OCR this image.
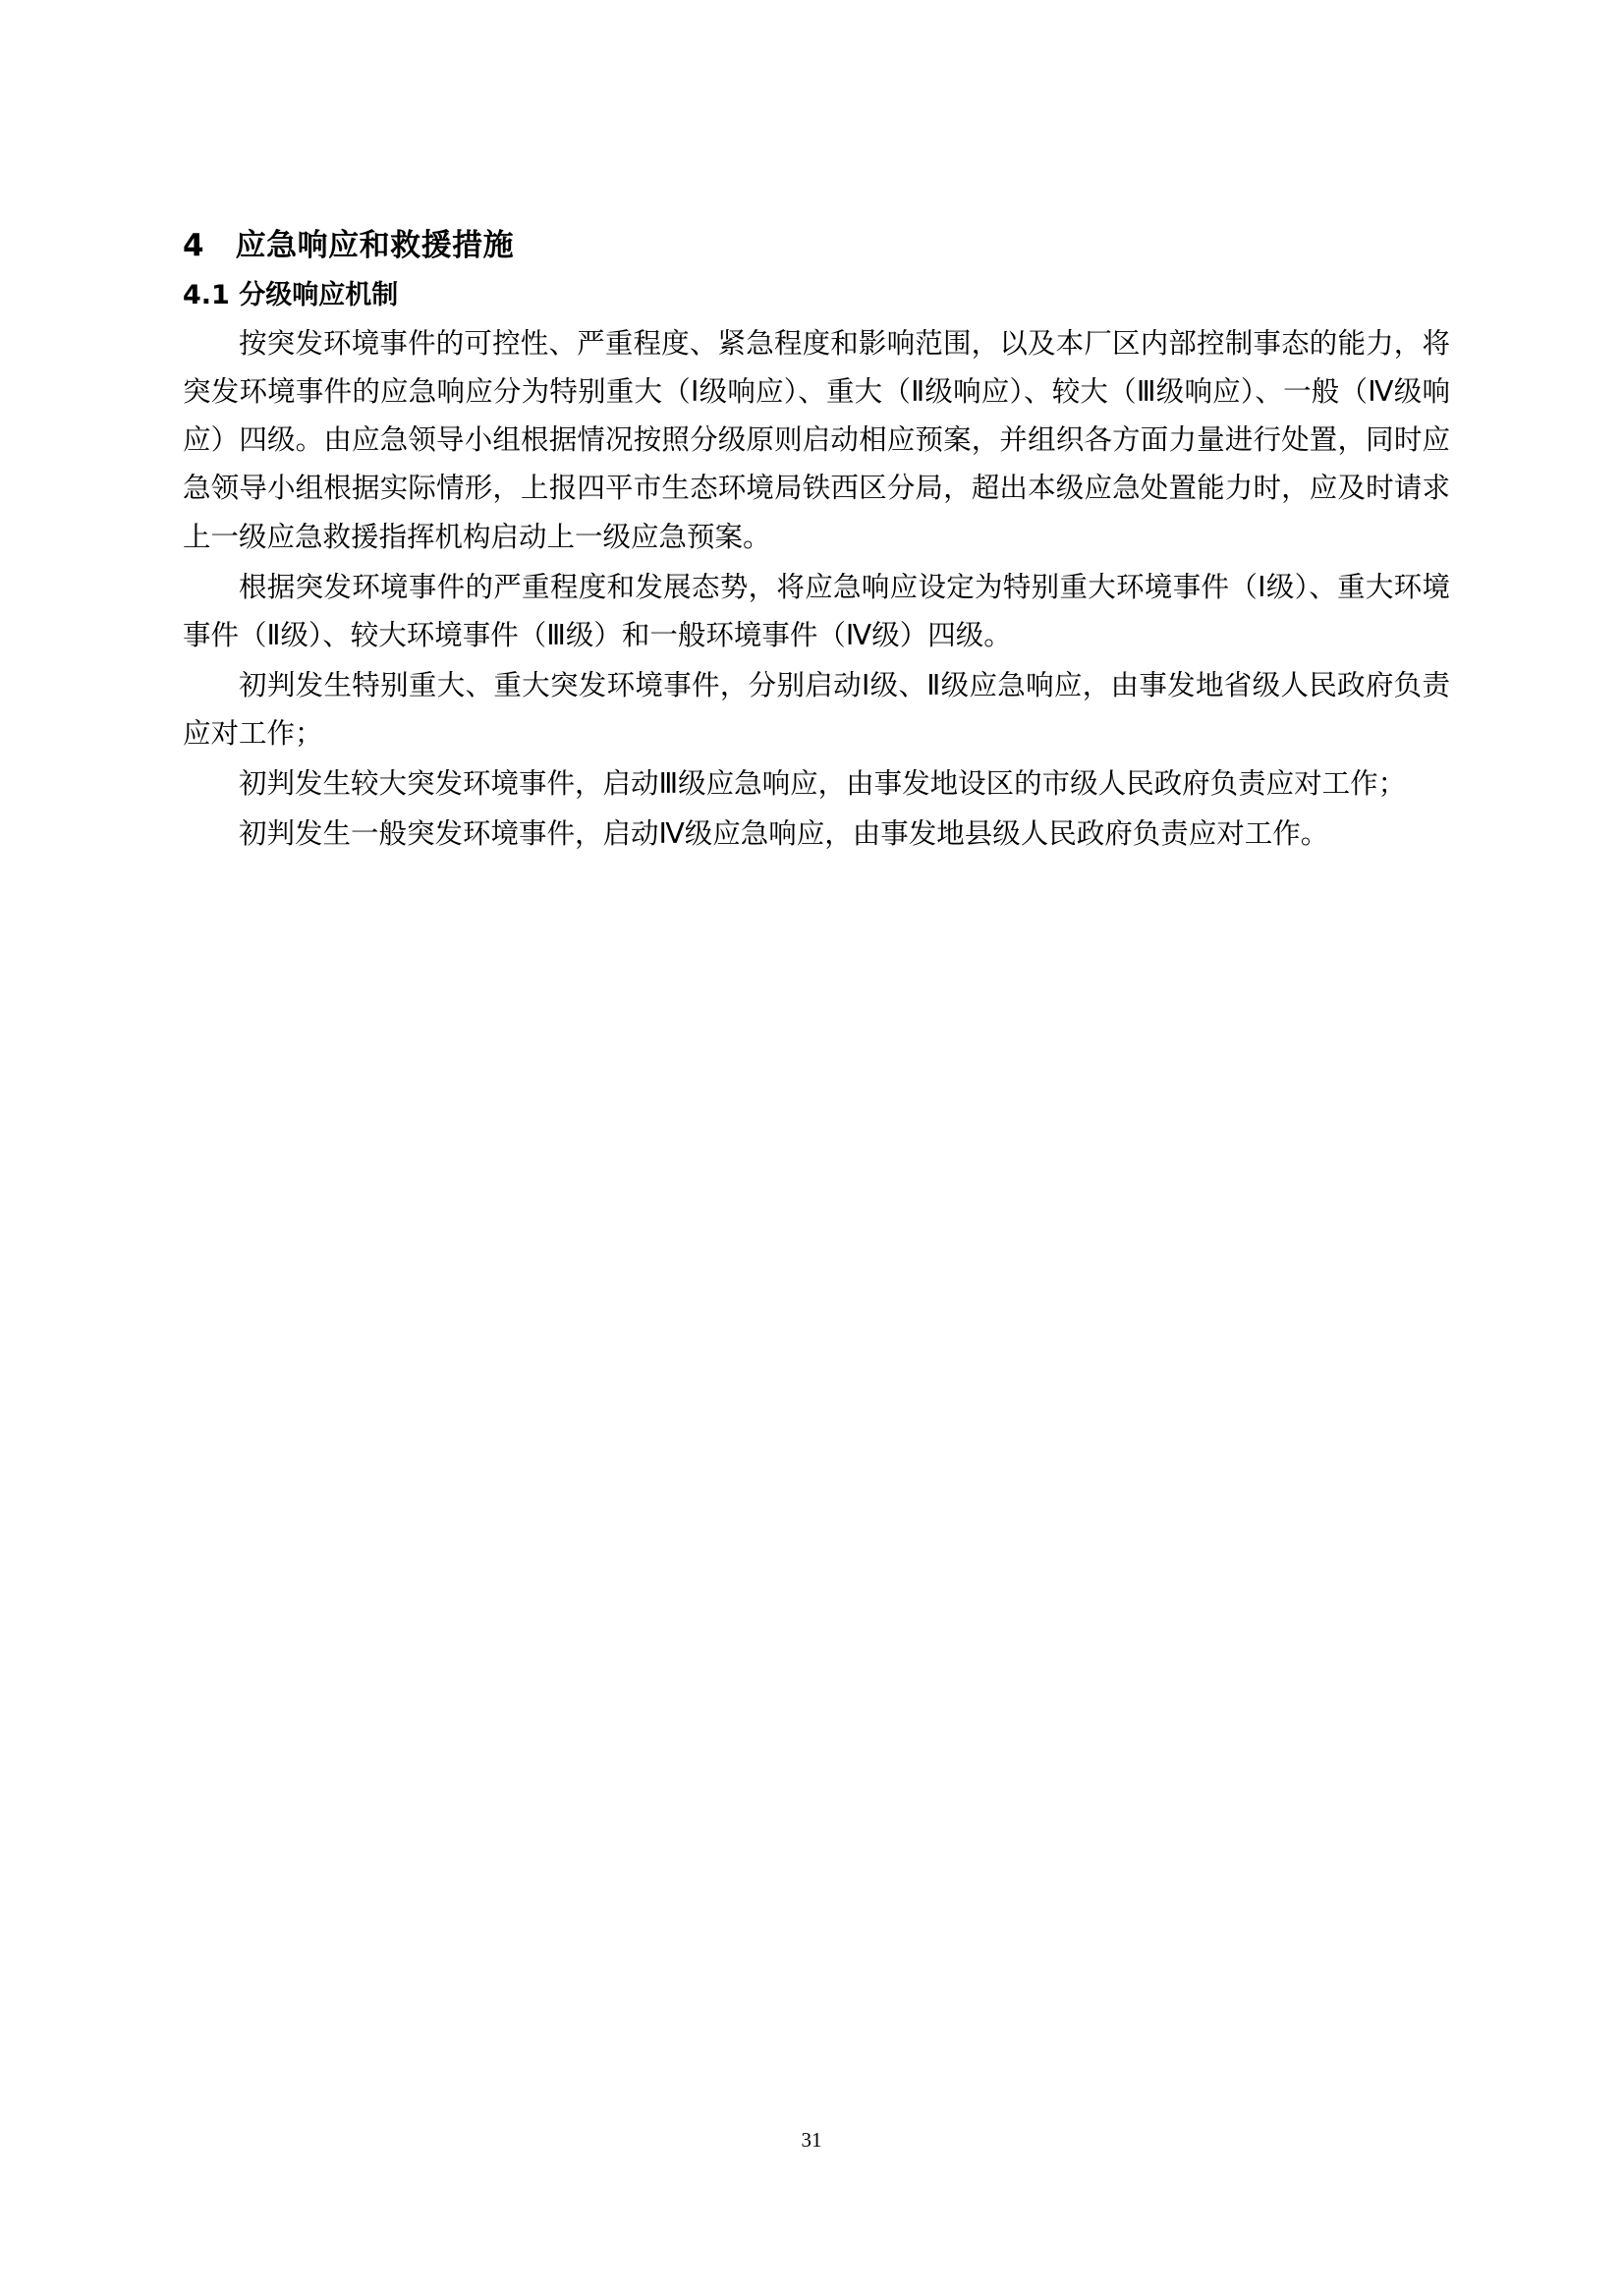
4　应急响应和救援措施
4.1 分级响应机制

按突发环境事件的可控性、严重程度、紧急程度和影响范围，以及本厂区内部控制事态的能力，将突发环境事件的应急响应分为特别重大（Ⅰ级响应）、重大（Ⅱ级响应）、较大（Ⅲ级响应）、一般（Ⅳ级响应）四级。由应急领导小组根据情况按照分级原则启动相应预案，并组织各方面力量进行处置，同时应急领导小组根据实际情形，上报四平市生态环境局铁西区分局，超出本级应急处置能力时，应及时请求上一级应急救援指挥机构启动上一级应急预案。

根据突发环境事件的严重程度和发展态势，将应急响应设定为特别重大环境事件（Ⅰ级）、重大环境事件（Ⅱ级）、较大环境事件（Ⅲ级）和一般环境事件（Ⅳ级）四级。

初判发生特别重大、重大突发环境事件，分别启动Ⅰ级、Ⅱ级应急响应，由事发地省级人民政府负责应对工作；

初判发生较大突发环境事件，启动Ⅲ级应急响应，由事发地设区的市级人民政府负责应对工作；

初判发生一般突发环境事件，启动Ⅳ级应急响应，由事发地县级人民政府负责应对工作。

31
